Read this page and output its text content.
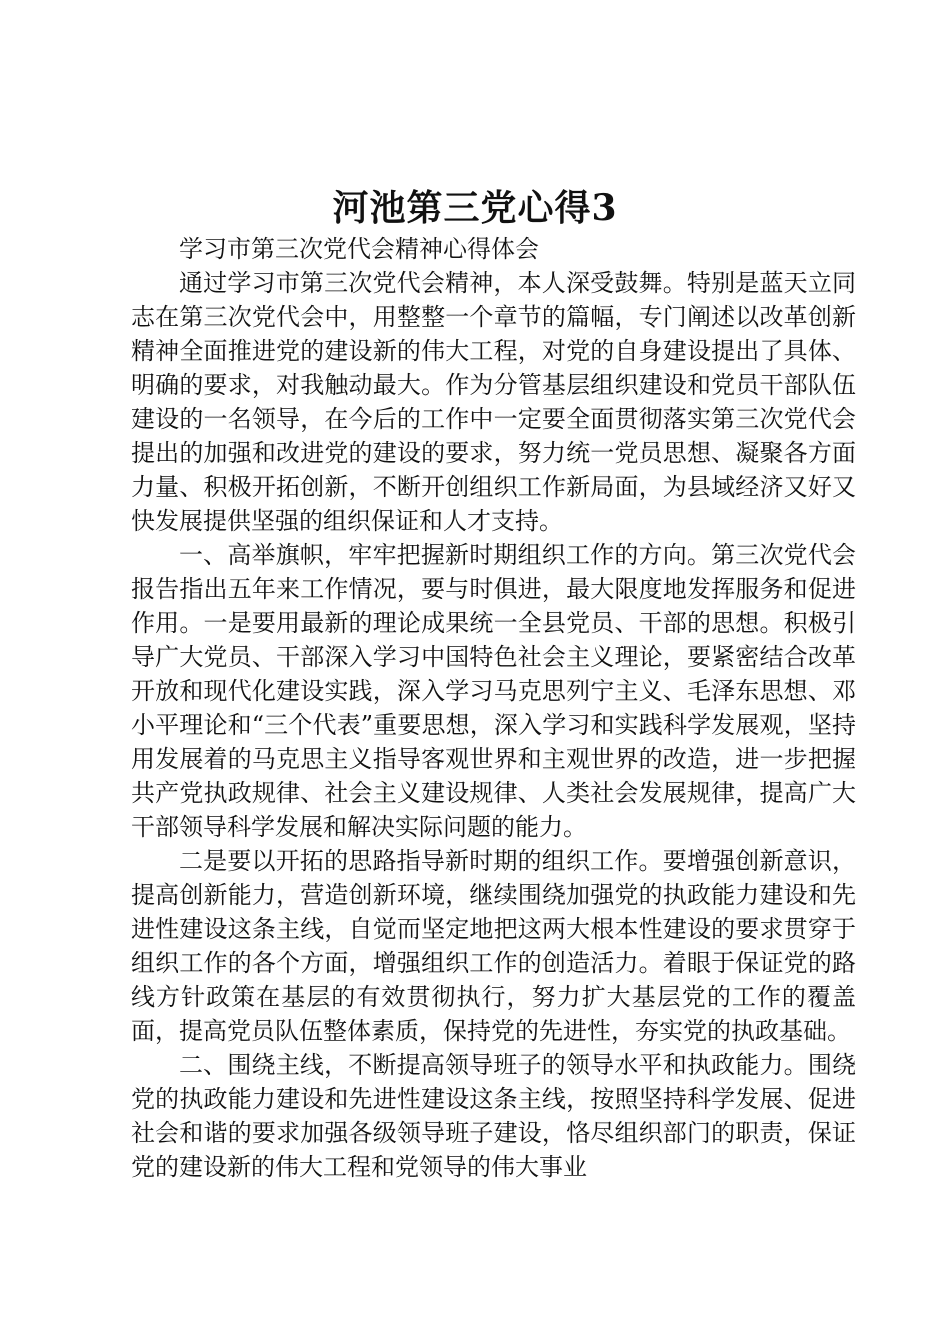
河池第三党心得3

学习市第三次党代会精神心得体会

通过学习市第三次党代会精神，本人深受鼓舞。特别是蓝天立同志在第三次党代会中，用整整一个章节的篇幅，专门阐述以改革创新精神全面推进党的建设新的伟大工程，对党的自身建设提出了具体、明确的要求，对我触动最大。作为分管基层组织建设和党员干部队伍建设的一名领导，在今后的工作中一定要全面贯彻落实第三次党代会提出的加强和改进党的建设的要求，努力统一党员思想、凝聚各方面力量、积极开拓创新，不断开创组织工作新局面，为县域经济又好又快发展提供坚强的组织保证和人才支持。

一、高举旗帜，牢牢把握新时期组织工作的方向。第三次党代会报告指出五年来工作情况，要与时俱进，最大限度地发挥服务和促进作用。一是要用最新的理论成果统一全县党员、干部的思想。积极引导广大党员、干部深入学习中国特色社会主义理论，要紧密结合改革开放和现代化建设实践，深入学习马克思列宁主义、毛泽东思想、邓小平理论和“三个代表”重要思想，深入学习和实践科学发展观，坚持用发展着的马克思主义指导客观世界和主观世界的改造，进一步把握共产党执政规律、社会主义建设规律、人类社会发展规律，提高广大干部领导科学发展和解决实际问题的能力。

二是要以开拓的思路指导新时期的组织工作。要增强创新意识，提高创新能力，营造创新环境，继续围绕加强党的执政能力建设和先进性建设这条主线，自觉而坚定地把这两大根本性建设的要求贯穿于组织工作的各个方面，增强组织工作的创造活力。着眼于保证党的路线方针政策在基层的有效贯彻执行，努力扩大基层党的工作的覆盖面，提高党员队伍整体素质，保持党的先进性，夯实党的执政基础。

二、围绕主线，不断提高领导班子的领导水平和执政能力。围绕党的执政能力建设和先进性建设这条主线，按照坚持科学发展、促进社会和谐的要求加强各级领导班子建设，恪尽组织部门的职责，保证党的建设新的伟大工程和党领导的伟大事业
